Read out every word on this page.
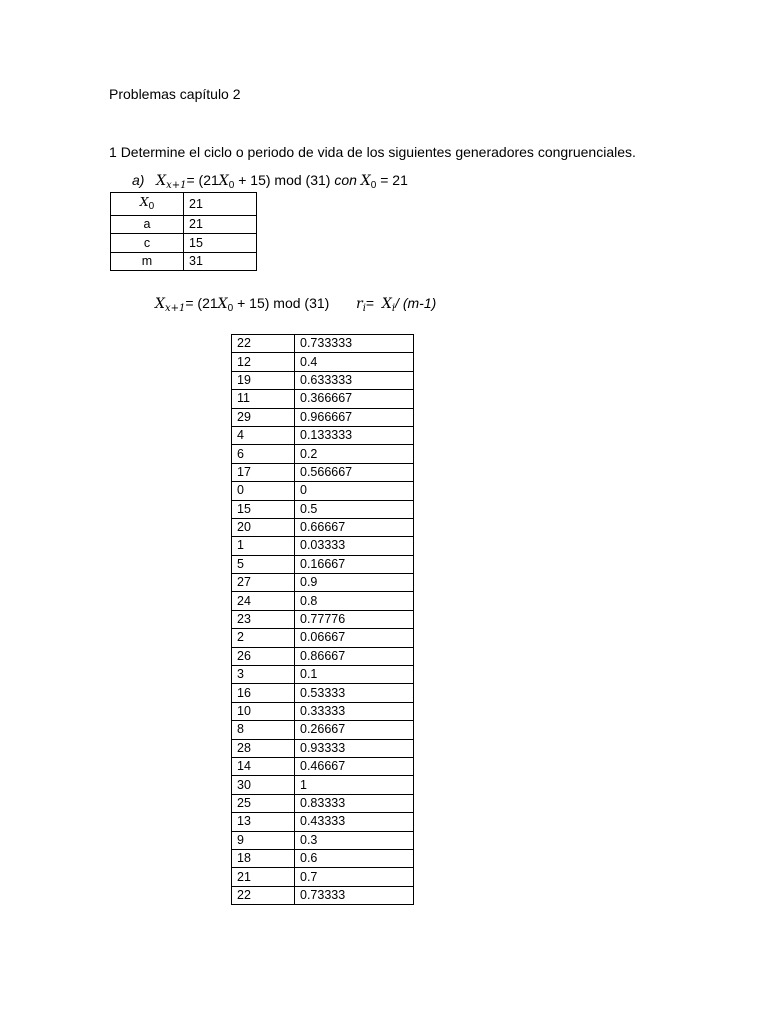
Problemas capítulo 2
1 Determine el ciclo o periodo de vida de los siguientes generadores congruenciales.
a) $X_{x+1}= (21X_0 + 15)$ mod (31) con $X_0 = 21$
$X_0$	21
a	21
c	15
m	31
$X_{x+1}= (21X_0 + 15)$ mod (31) $r_i= X_i/$ (m-1)
22	0.733333
12	0.4
19	0.633333
11	0.366667
29	0.966667
4	0.133333
6	0.2
17	0.566667
0	0
15	0.5
20	0.66667
1	0.03333
5	0.16667
27	0.9
24	0.8
23	0.77776
2	0.06667
26	0.86667
3	0.1
16	0.53333
10	0.33333
8	0.26667
28	0.93333
14	0.46667
30	1
25	0.83333
13	0.43333
9	0.3
18	0.6
21	0.7
22	0.73333
